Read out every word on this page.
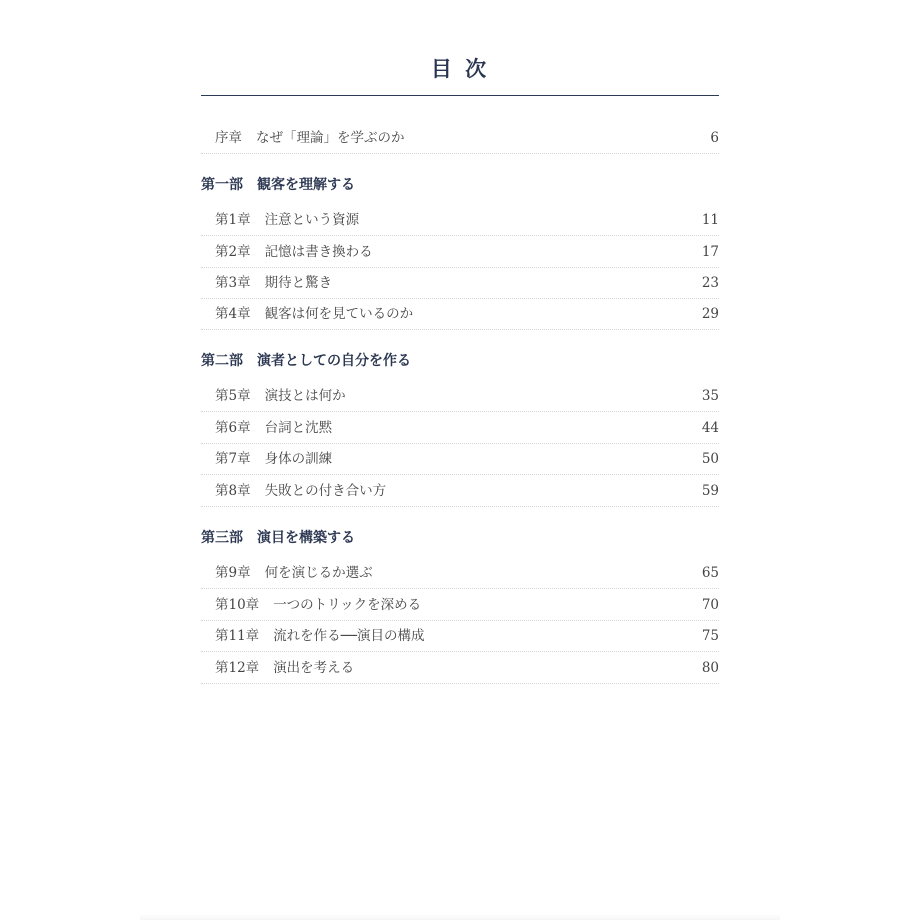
目 次
序章 なぜ「理論」を学ぶのか	6
第一部 観客を理解する
第1章 注意という資源	11
第2章 記憶は書き換わる	17
第3章 期待と驚き	23
第4章 観客は何を見ているのか	29
第二部 演者としての自分を作る
第5章 演技とは何か	35
第6章 台詞と沈黙	44
第7章 身体の訓練	50
第8章 失敗との付き合い方	59
第三部 演目を構築する
第9章 何を演じるか選ぶ	65
第10章 一つのトリックを深める	70
第11章 流れを作る──演目の構成	75
第12章 演出を考える	80
